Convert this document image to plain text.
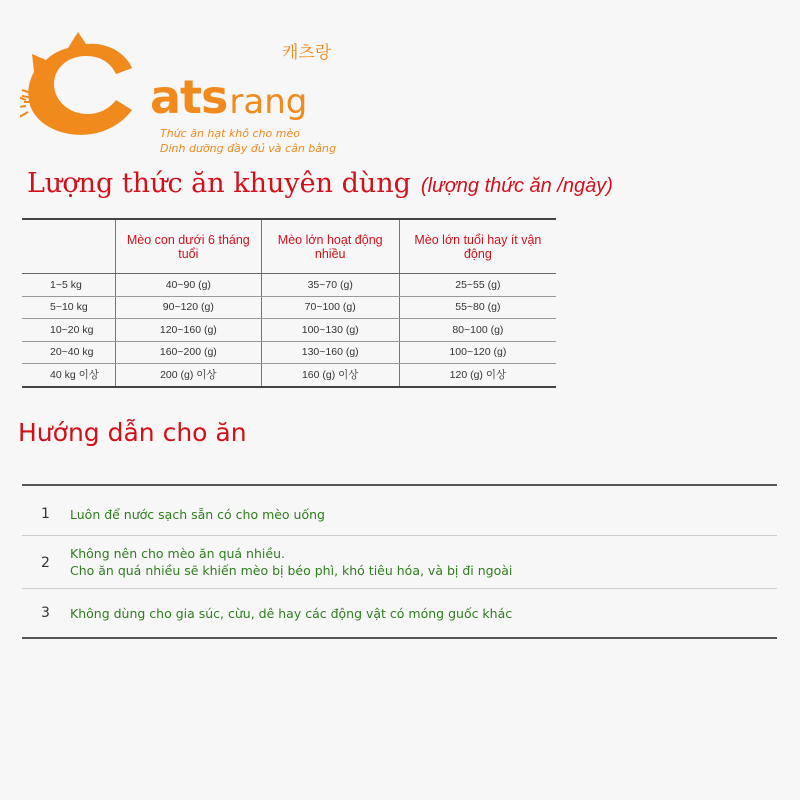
캐츠랑
atsrang
Thức ăn hạt khô cho mèo
Dinh dưỡng đầy đủ và cân bằng
Lượng thức ăn khuyên dùng (lượng thức ăn /ngày)
	Mèo con dưới 6 tháng tuổi	Mèo lớn hoạt động nhiều	Mèo lớn tuổi hay ít vận động
1~5 kg	40~90 (g)	35~70 (g)	25~55 (g)
5~10 kg	90~120 (g)	70~100 (g)	55~80 (g)
10~20 kg	120~160 (g)	100~130 (g)	80~100 (g)
20~40 kg	160~200 (g)	130~160 (g)	100~120 (g)
40 kg 이상	200 (g) 이상	160 (g) 이상	120 (g) 이상
Hướng dẫn cho ăn
1 Luôn để nước sạch sẵn có cho mèo uống
2
Không nên cho mèo ăn quá nhiều.
Cho ăn quá nhiều sẽ khiến mèo bị béo phì, khó tiêu hóa, và bị đi ngoài
3 Không dùng cho gia súc, cừu, dê hay các động vật có móng guốc khác
